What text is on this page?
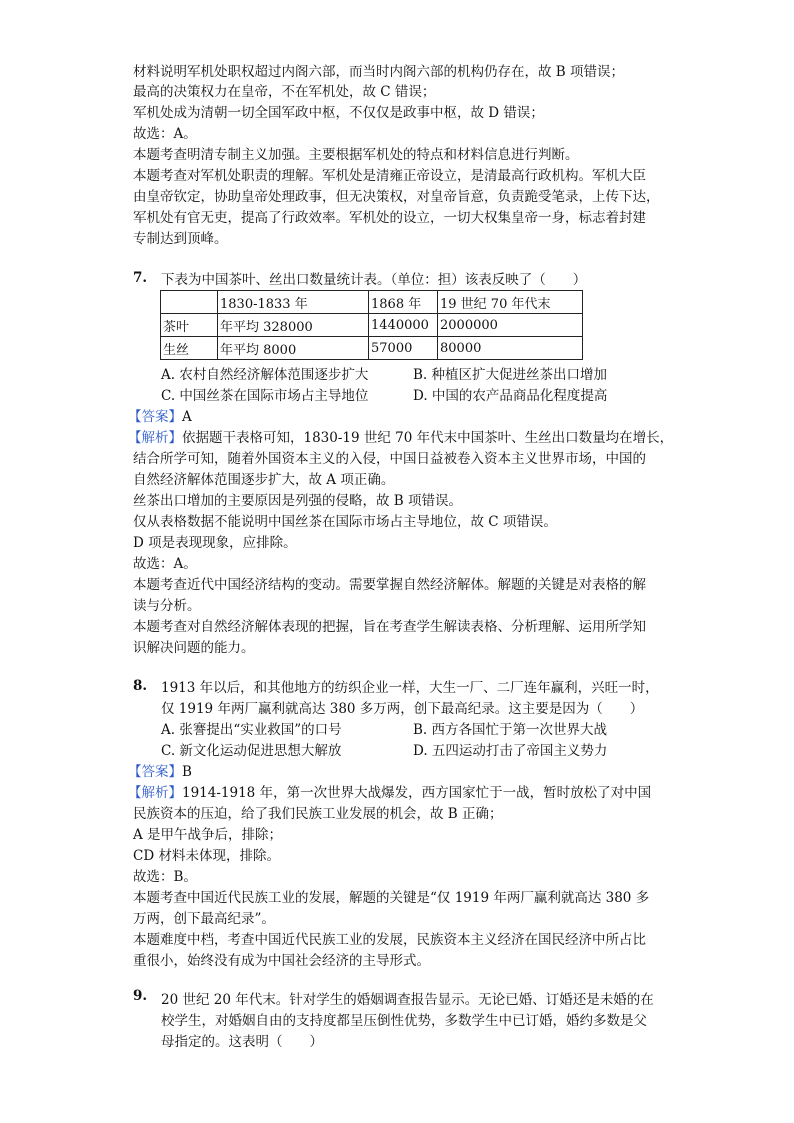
材料说明军机处职权超过内阁六部，而当时内阁六部的机构仍存在，故 B 项错误；
最高的决策权力在皇帝，不在军机处，故 C 错误；
军机处成为清朝一切全国军政中枢，不仅仅是政事中枢，故 D 错误；
故选：A。
本题考查明清专制主义加强。主要根据军机处的特点和材料信息进行判断。
本题考查对军机处职责的理解。军机处是清雍正帝设立，是清最高行政机构。军机大臣
由皇帝钦定，协助皇帝处理政事，但无决策权，对皇帝旨意，负责跪受笔录，上传下达，
军机处有官无吏，提高了行政效率。军机处的设立，一切大权集皇帝一身，标志着封建
专制达到顶峰。
7. 下表为中国茶叶、丝出口数量统计表。（单位：担）该表反映了（　　）
	1830-1833 年	1868 年	19 世纪 70 年代末
茶叶	年平均 328000	1440000	2000000
生丝	年平均 8000	57000	80000
A. 农村自然经济解体范围逐步扩大	B. 种植区扩大促进丝茶出口增加
C. 中国丝茶在国际市场占主导地位	D. 中国的农产品商品化程度提高
【答案】A
【解析】依据题干表格可知，1830-19 世纪 70 年代末中国茶叶、生丝出口数量均在增长，
结合所学可知，随着外国资本主义的入侵，中国日益被卷入资本主义世界市场，中国的
自然经济解体范围逐步扩大，故 A 项正确。
丝茶出口增加的主要原因是列强的侵略，故 B 项错误。
仅从表格数据不能说明中国丝茶在国际市场占主导地位，故 C 项错误。
D 项是表现现象，应排除。
故选：A。
本题考查近代中国经济结构的变动。需要掌握自然经济解体。解题的关键是对表格的解
读与分析。
本题考查对自然经济解体表现的把握，旨在考查学生解读表格、分析理解、运用所学知
识解决问题的能力。
8. 1913 年以后，和其他地方的纺织企业一样，大生一厂、二厂连年赢利，兴旺一时，
仅 1919 年两厂赢利就高达 380 多万两，创下最高纪录。这主要是因为（　　）
A. 张謇提出“实业救国”的口号	B. 西方各国忙于第一次世界大战
C. 新文化运动促进思想大解放	D. 五四运动打击了帝国主义势力
【答案】B
【解析】1914-1918 年，第一次世界大战爆发，西方国家忙于一战，暂时放松了对中国
民族资本的压迫，给了我们民族工业发展的机会，故 B 正确；
A 是甲午战争后，排除；
CD 材料未体现，排除。
故选：B。
本题考查中国近代民族工业的发展，解题的关键是“仅 1919 年两厂赢利就高达 380 多
万两，创下最高纪录”。
本题难度中档，考查中国近代民族工业的发展，民族资本主义经济在国民经济中所占比
重很小，始终没有成为中国社会经济的主导形式。
9. 20 世纪 20 年代末。针对学生的婚姻调查报告显示。无论已婚、订婚还是未婚的在
校学生，对婚姻自由的支持度都呈压倒性优势，多数学生中已订婚，婚约多数是父
母指定的。这表明（　　）
